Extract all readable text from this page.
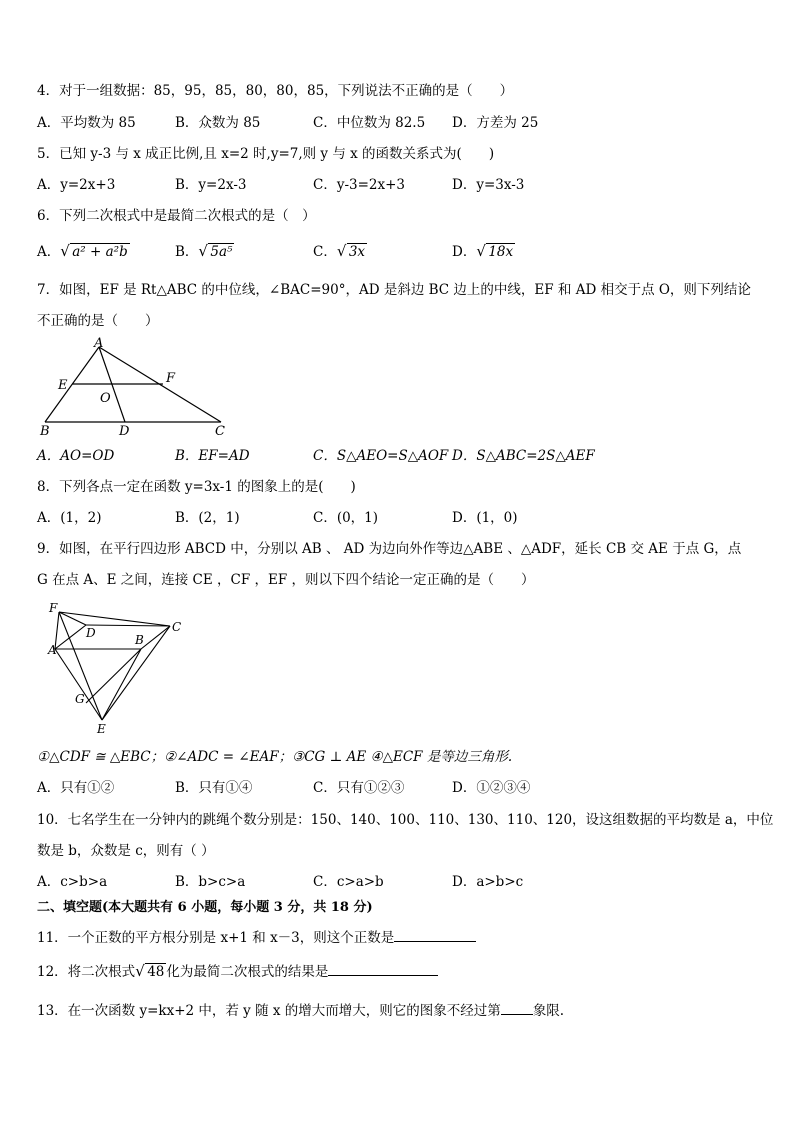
4．对于一组数据：85，95，85，80，80，85，下列说法不正确的是（　　）
A．平均数为 85	B．众数为 85	C．中位数为 82.5 D．方差为 25
5．已知 y-3 与 x 成正比例,且 x=2 时,y=7,则 y 与 x 的函数关系式为(　　)
A．y=2x+3	B．y=2x-3	C．y-3=2x+3	D．y=3x-3
6．下列二次根式中是最简二次根式的是（　）
A． √ a² + a²b	B． √ 5a⁵	C． √ 3x	D． √ 18x
7．如图，EF 是 Rt△ABC 的中位线，∠BAC=90°，AD 是斜边 BC 边上的中线，EF 和 AD 相交于点 O，则下列结论
不正确的是（　　）
A
E	F
O
B	D	C
A．AO=OD	B．EF=AD	C．S△AEO=S△AOF D．S△ABC=2S△AEF
8．下列各点一定在函数 y=3x-1 的图象上的是(　　)
A．(1，2)	B．(2，1)	C．(0，1)	D．(1，0)
9．如图，在平行四边形 ABCD 中，分别以 AB 、 AD 为边向外作等边△ABE 、△ADF，延长 CB 交 AE 于点 G，点
G 在点 A、E 之间，连接 CE ，CF ，EF ，则以下四个结论一定正确的是（　　）
F
D	B
C
A
G
E
①△CDF ≅ △EBC；②∠ADC = ∠EAF；③CG ⊥ AE ④△ECF 是等边三角形.
A．只有①②	B．只有①④	C．只有①②③	D．①②③④
10．七名学生在一分钟内的跳绳个数分别是：150、140、100、110、130、110、120，设这组数据的平均数是 a，中位
数是 b，众数是 c，则有（ ）
A．c>b>a	B．b>c>a	C．c>a>b	D．a>b>c
二、填空题(本大题共有 6 小题，每小题 3 分，共 18 分)
11．一个正数的平方根分别是 x+1 和 x－3，则这个正数是
12．将二次根式 √ 48 化为最简二次根式的结果是
13．在一次函数 y=kx+2 中，若 y 随 x 的增大而增大，则它的图象不经过第 象限.
